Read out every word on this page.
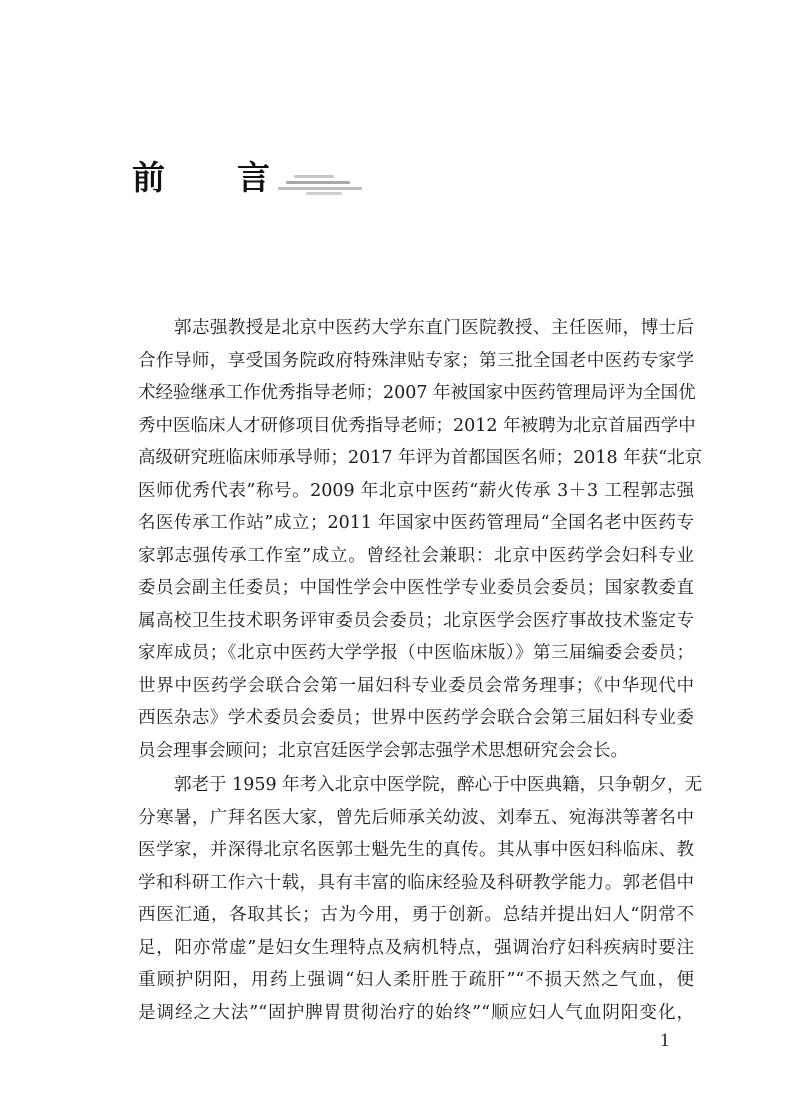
前　　言
郭志强教授是北京中医药大学东直门医院教授、主任医师，博士后
合作导师，享受国务院政府特殊津贴专家；第三批全国老中医药专家学
术经验继承工作优秀指导老师；2007 年被国家中医药管理局评为全国优
秀中医临床人才研修项目优秀指导老师；2012 年被聘为北京首届西学中
高级研究班临床师承导师；2017 年评为首都国医名师；2018 年获“北京
医师优秀代表”称号。2009 年北京中医药“薪火传承 3＋3 工程郭志强
名医传承工作站”成立；2011 年国家中医药管理局“全国名老中医药专
家郭志强传承工作室”成立。曾经社会兼职：北京中医药学会妇科专业
委员会副主任委员；中国性学会中医性学专业委员会委员；国家教委直
属高校卫生技术职务评审委员会委员；北京医学会医疗事故技术鉴定专
家库成员；《北京中医药大学学报（中医临床版）》第三届编委会委员；
世界中医药学会联合会第一届妇科专业委员会常务理事；《中华现代中
西医杂志》学术委员会委员；世界中医药学会联合会第三届妇科专业委
员会理事会顾问；北京宫廷医学会郭志强学术思想研究会会长。
郭老于 1959 年考入北京中医学院，醉心于中医典籍，只争朝夕，无
分寒暑，广拜名医大家，曾先后师承关幼波、刘奉五、宛海洪等著名中
医学家，并深得北京名医郭士魁先生的真传。其从事中医妇科临床、教
学和科研工作六十载，具有丰富的临床经验及科研教学能力。郭老倡中
西医汇通，各取其长；古为今用，勇于创新。总结并提出妇人“阴常不
足，阳亦常虚”是妇女生理特点及病机特点，强调治疗妇科疾病时要注
重顾护阴阳，用药上强调“妇人柔肝胜于疏肝”“不损天然之气血，便
是调经之大法”“固护脾胃贯彻治疗的始终”“顺应妇人气血阴阳变化，
1
